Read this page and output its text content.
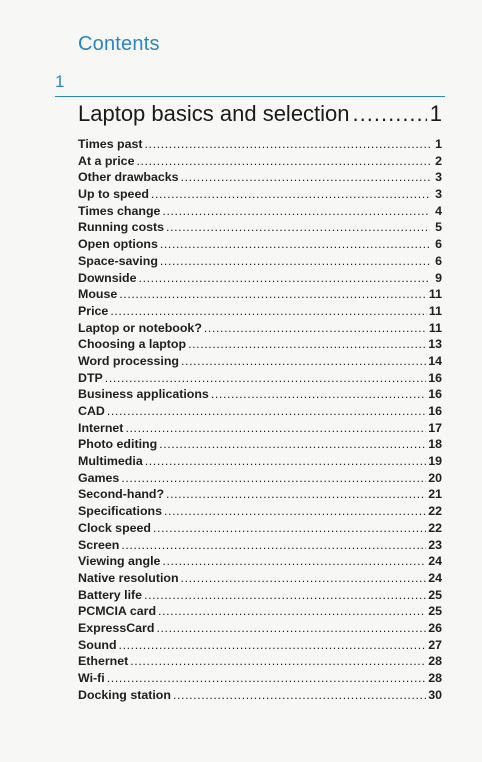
Contents
1
Laptop basics and selection .....	1
Times past .....	1
At a price .....	2
Other drawbacks .....	3
Up to speed .....	3
Times change .....	4
Running costs .....	5
Open options .....	6
Space-saving .....	6
Downside .....	9
Mouse .....	11
Price .....	11
Laptop or notebook? .....	11
Choosing a laptop .....	13
Word processing .....	14
DTP .....	16
Business applications .....	16
CAD .....	16
Internet .....	17
Photo editing .....	18
Multimedia .....	19
Games .....	20
Second-hand? .....	21
Specifications .....	22
Clock speed .....	22
Screen .....	23
Viewing angle .....	24
Native resolution .....	24
Battery life .....	25
PCMCIA card .....	25
ExpressCard .....	26
Sound .....	27
Ethernet .....	28
Wi-fi .....	28
Docking station .....	30
